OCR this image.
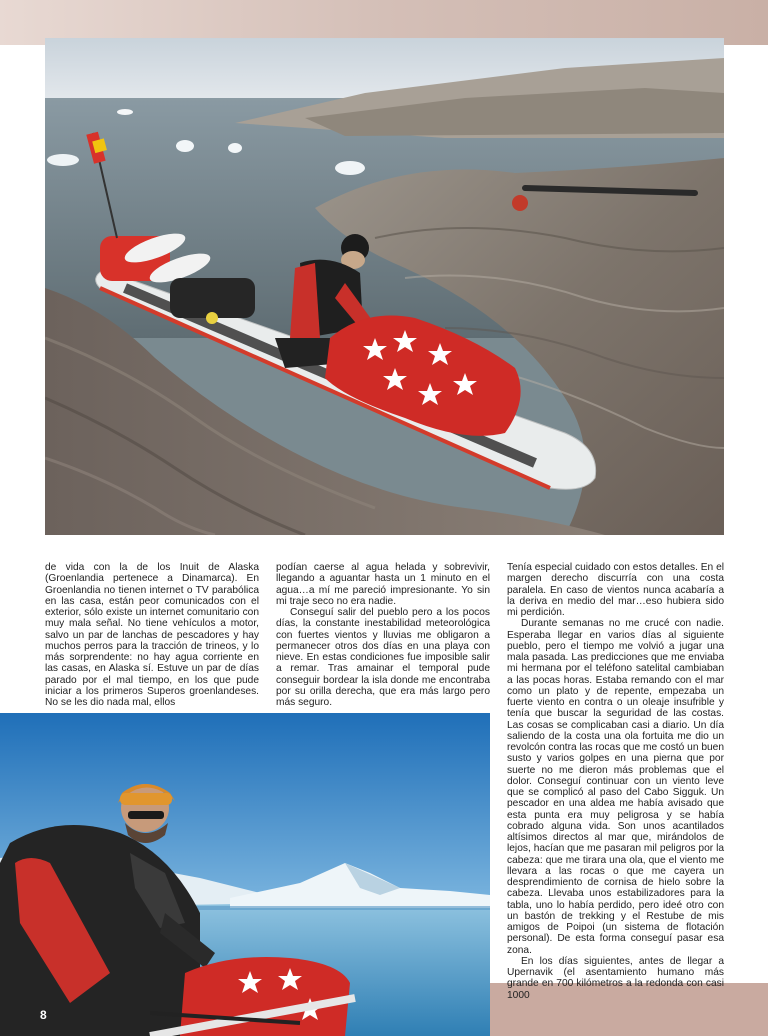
de vida con la de los Inuit de Alaska (Groenlandia pertenece a Dinamarca). En Groenlandia no tienen internet o TV parabólica en las casa, están peor comunicados con el exterior, sólo existe un internet comunitario con muy mala señal. No tiene vehículos a motor, salvo un par de lanchas de pescadores y hay muchos perros para la tracción de trineos, y lo más sorprendente: no hay agua corriente en las casas, en Alaska sí. Estuve un par de días parado por el mal tiempo, en los que pude iniciar a los primeros Superos groenlandeses. No se les dio nada mal, ellos

podían caerse al agua helada y sobrevivir, llegando a aguantar hasta un 1 minuto en el agua…a mí me pareció impresionante. Yo sin mi traje seco no era nadie.

Conseguí salir del pueblo pero a los pocos días, la constante inestabilidad meteorológica con fuertes vientos y lluvias me obligaron a permanecer otros dos días en una playa con nieve. En estas condiciones fue imposible salir a remar. Tras amainar el temporal pude conseguir bordear la isla donde me encontraba por su orilla derecha, que era más largo pero más seguro.

Tenía especial cuidado con estos detalles. En el margen derecho discurría con una costa paralela. En caso de vientos nunca acabaría a la deriva en medio del mar…eso hubiera sido mi perdición.

Durante semanas no me crucé con nadie. Esperaba llegar en varios días al siguiente pueblo, pero el tiempo me volvió a jugar una mala pasada. Las predicciones que me enviaba mi hermana por el teléfono satelital cambiaban a las pocas horas. Estaba remando con el mar como un plato y de repente, empezaba un fuerte viento en contra o un oleaje insufrible y tenía que buscar la seguridad de las costas. Las cosas se complicaban casi a diario. Un día saliendo de la costa una ola fortuita me dio un revolcón contra las rocas que me costó un buen susto y varios golpes en una pierna que por suerte no me dieron más problemas que el dolor. Conseguí continuar con un viento leve que se complicó al paso del Cabo Sigguk. Un pescador en una aldea me había avisado que esta punta era muy peligrosa y se había cobrado alguna vida. Son unos acantilados altísimos directos al mar que, mirándolos de lejos, hacían que me pasaran mil peligros por la cabeza: que me tirara una ola, que el viento me llevara a las rocas o que me cayera un desprendimiento de cornisa de hielo sobre la cabeza. Llevaba unos estabilizadores para la tabla, uno lo había perdido, pero ideé otro con un bastón de trekking y el Restube de mis amigos de Poipoi (un sistema de flotación personal). De esta forma conseguí pasar esa zona.

En los días siguientes, antes de llegar a Upernavik (el asentamiento humano más grande en 700 kilómetros a la redonda con casi 1000

8
